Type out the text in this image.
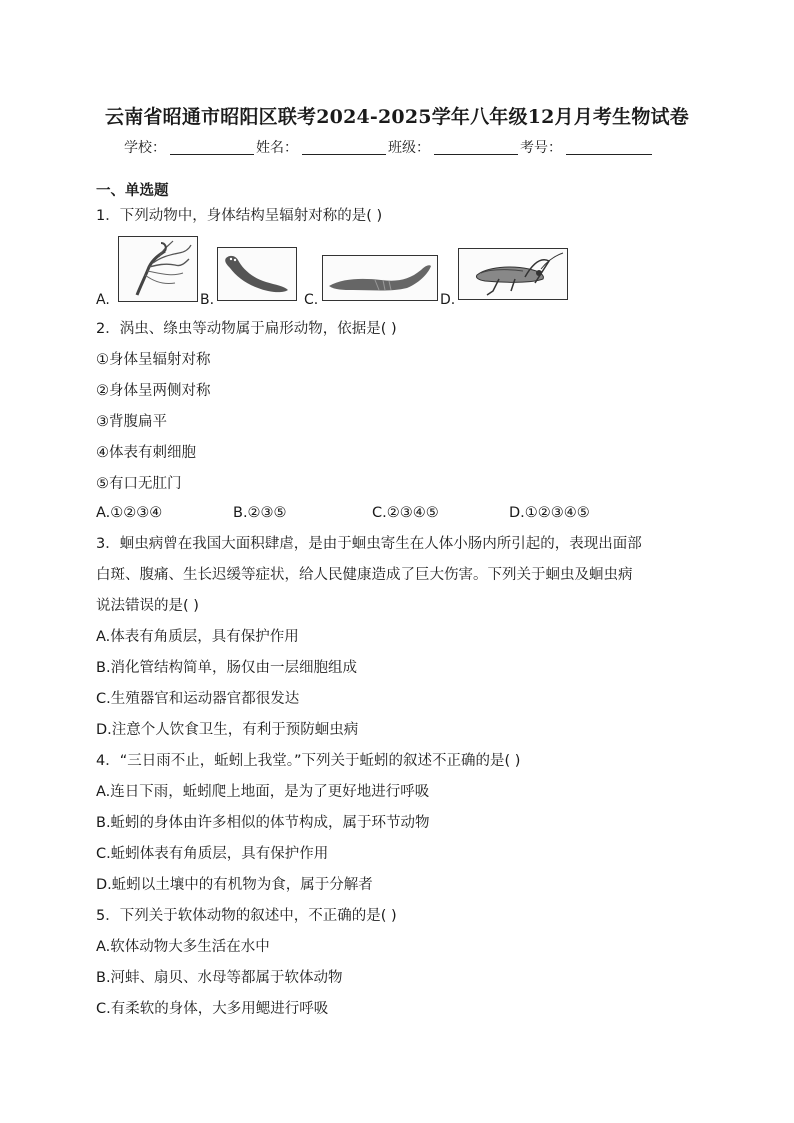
云南省昭通市昭阳区联考2024-2025学年八年级12月月考生物试卷
学校：	姓名：	班级：	考号：
一、单选题
1．下列动物中，身体结构呈辐射对称的是( )
A.	B.	C.	D.
2．涡虫、绦虫等动物属于扁形动物，依据是( )
①身体呈辐射对称
②身体呈两侧对称
③背腹扁平
④体表有刺细胞
⑤有口无肛门
A.①②③④	B.②③⑤	C.②③④⑤	D.①②③④⑤
3．蛔虫病曾在我国大面积肆虐，是由于蛔虫寄生在人体小肠内所引起的，表现出面部
白斑、腹痛、生长迟缓等症状，给人民健康造成了巨大伤害。下列关于蛔虫及蛔虫病
说法错误的是( )
A.体表有角质层，具有保护作用
B.消化管结构简单，肠仅由一层细胞组成
C.生殖器官和运动器官都很发达
D.注意个人饮食卫生，有利于预防蛔虫病
4．“三日雨不止，蚯蚓上我堂。”下列关于蚯蚓的叙述不正确的是( )
A.连日下雨，蚯蚓爬上地面，是为了更好地进行呼吸
B.蚯蚓的身体由许多相似的体节构成，属于环节动物
C.蚯蚓体表有角质层，具有保护作用
D.蚯蚓以土壤中的有机物为食，属于分解者
5．下列关于软体动物的叙述中，不正确的是( )
A.软体动物大多生活在水中
B.河蚌、扇贝、水母等都属于软体动物
C.有柔软的身体，大多用鳃进行呼吸
